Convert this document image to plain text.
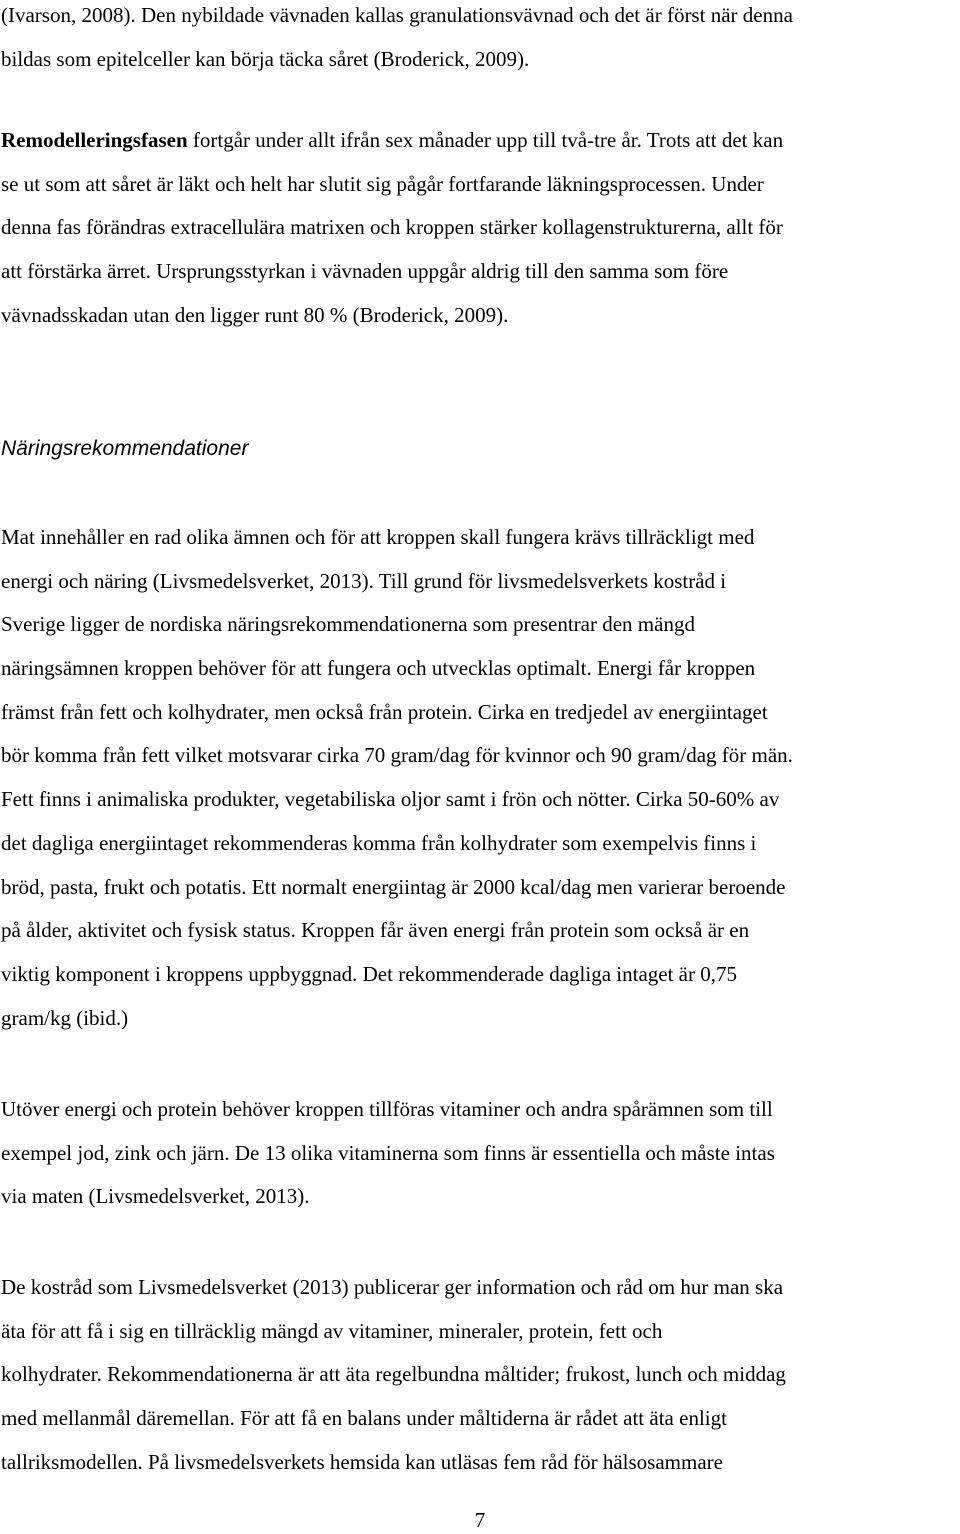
(Ivarson, 2008). Den nybildade vävnaden kallas granulationsvävnad och det är först när denna
bildas som epitelceller kan börja täcka såret (Broderick, 2009).
Remodelleringsfasen fortgår under allt ifrån sex månader upp till två-tre år. Trots att det kan
se ut som att såret är läkt och helt har slutit sig pågår fortfarande läkningsprocessen. Under
denna fas förändras extracellulära matrixen och kroppen stärker kollagenstrukturerna, allt för
att förstärka ärret. Ursprungsstyrkan i vävnaden uppgår aldrig till den samma som före
vävnadsskadan utan den ligger runt 80 % (Broderick, 2009).
Näringsrekommendationer
Mat innehåller en rad olika ämnen och för att kroppen skall fungera krävs tillräckligt med
energi och näring (Livsmedelsverket, 2013). Till grund för livsmedelsverkets kostråd i
Sverige ligger de nordiska näringsrekommendationerna som presentrar den mängd
näringsämnen kroppen behöver för att fungera och utvecklas optimalt. Energi får kroppen
främst från fett och kolhydrater, men också från protein. Cirka en tredjedel av energiintaget
bör komma från fett vilket motsvarar cirka 70 gram/dag för kvinnor och 90 gram/dag för män.
Fett finns i animaliska produkter, vegetabiliska oljor samt i frön och nötter. Cirka 50-60% av
det dagliga energiintaget rekommenderas komma från kolhydrater som exempelvis finns i
bröd, pasta, frukt och potatis. Ett normalt energiintag är 2000 kcal/dag men varierar beroende
på ålder, aktivitet och fysisk status. Kroppen får även energi från protein som också är en
viktig komponent i kroppens uppbyggnad. Det rekommenderade dagliga intaget är 0,75
gram/kg (ibid.)
Utöver energi och protein behöver kroppen tillföras vitaminer och andra spårämnen som till
exempel jod, zink och järn. De 13 olika vitaminerna som finns är essentiella och måste intas
via maten (Livsmedelsverket, 2013).
De kostråd som Livsmedelsverket (2013) publicerar ger information och råd om hur man ska
äta för att få i sig en tillräcklig mängd av vitaminer, mineraler, protein, fett och
kolhydrater. Rekommendationerna är att äta regelbundna måltider; frukost, lunch och middag
med mellanmål däremellan. För att få en balans under måltiderna är rådet att äta enligt
tallriksmodellen. På livsmedelsverkets hemsida kan utläsas fem råd för hälsosammare
7
